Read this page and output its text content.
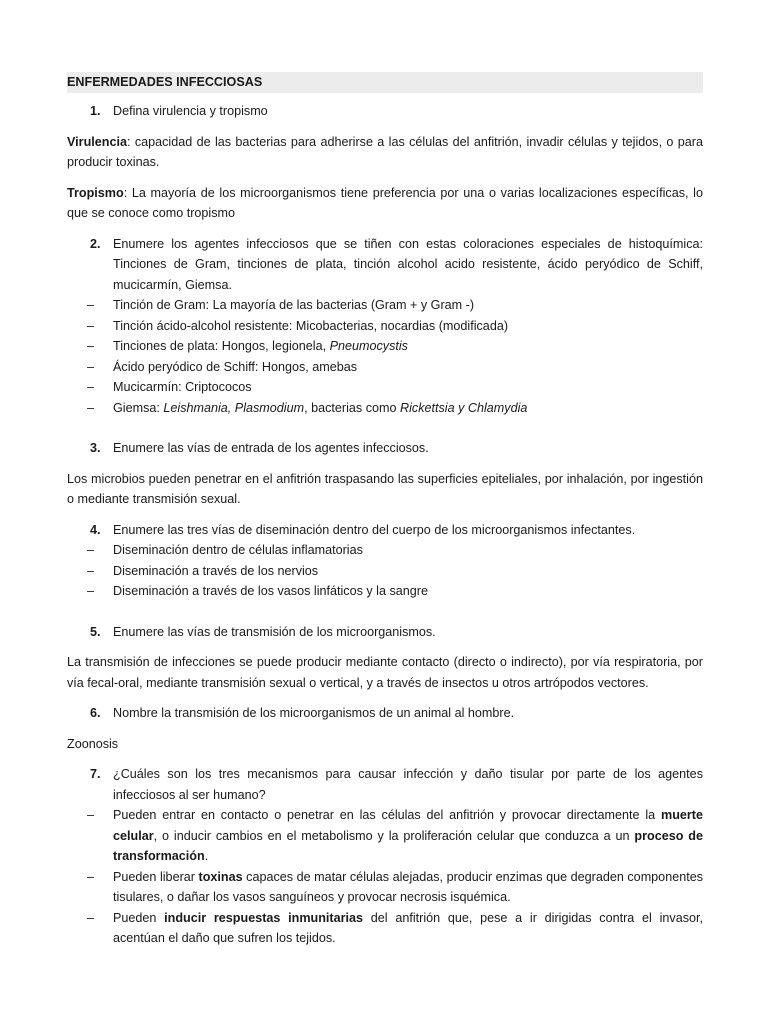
ENFERMEDADES INFECCIOSAS
1. Defina virulencia y tropismo
Virulencia: capacidad de las bacterias para adherirse a las células del anfitrión, invadir células y tejidos, o para producir toxinas.
Tropismo: La mayoría de los microorganismos tiene preferencia por una o varias localizaciones específicas, lo que se conoce como tropismo
2. Enumere los agentes infecciosos que se tiñen con estas coloraciones especiales de histoquímica: Tinciones de Gram, tinciones de plata, tinción alcohol acido resistente, ácido peryódico de Schiff, mucicarmín, Giemsa.
– Tinción de Gram: La mayoría de las bacterias (Gram + y Gram -)
– Tinción ácido-alcohol resistente: Micobacterias, nocardias (modificada)
– Tinciones de plata: Hongos, legionela, Pneumocystis
– Ácido peryódico de Schiff: Hongos, amebas
– Mucicarmín: Criptococos
– Giemsa: Leishmania, Plasmodium, bacterias como Rickettsia y Chlamydia
3. Enumere las vías de entrada de los agentes infecciosos.
Los microbios pueden penetrar en el anfitrión traspasando las superficies epiteliales, por inhalación, por ingestión o mediante transmisión sexual.
4. Enumere las tres vías de diseminación dentro del cuerpo de los microorganismos infectantes.
– Diseminación dentro de células inflamatorias
– Diseminación a través de los nervios
– Diseminación a través de los vasos linfáticos y la sangre
5. Enumere las vías de transmisión de los microorganismos.
La transmisión de infecciones se puede producir mediante contacto (directo o indirecto), por vía respiratoria, por vía fecal-oral, mediante transmisión sexual o vertical, y a través de insectos u otros artrópodos vectores.
6. Nombre la transmisión de los microorganismos de un animal al hombre.
Zoonosis
7. ¿Cuáles son los tres mecanismos para causar infección y daño tisular por parte de los agentes infecciosos al ser humano?
– Pueden entrar en contacto o penetrar en las células del anfitrión y provocar directamente la muerte celular, o inducir cambios en el metabolismo y la proliferación celular que conduzca a un proceso de transformación.
– Pueden liberar toxinas capaces de matar células alejadas, producir enzimas que degraden componentes tisulares, o dañar los vasos sanguíneos y provocar necrosis isquémica.
– Pueden inducir respuestas inmunitarias del anfitrión que, pese a ir dirigidas contra el invasor, acentúan el daño que sufren los tejidos.
